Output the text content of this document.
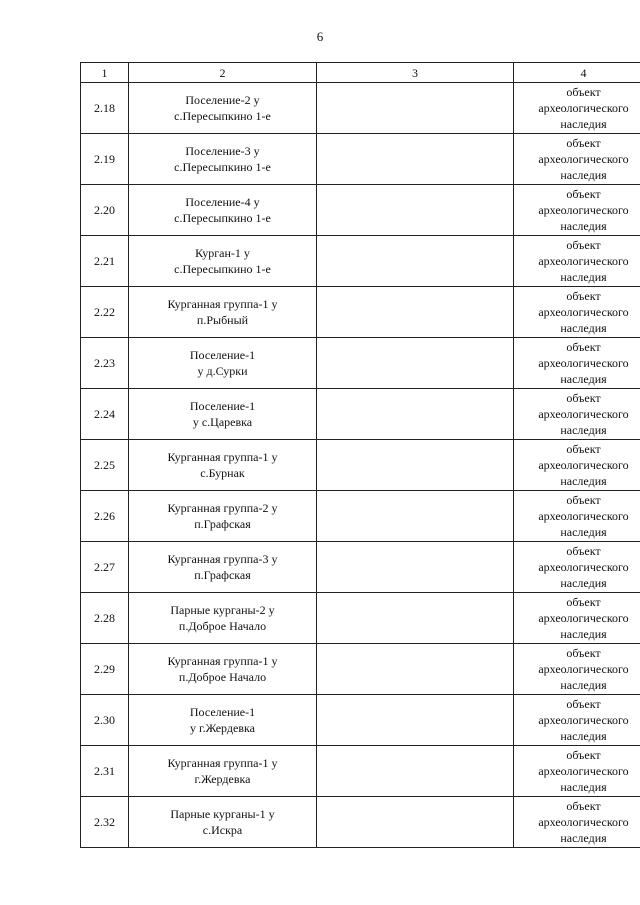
6
1	2	3	4
2.18	Поселение-2 у
с.Пересыпкино 1-е		объект
археологического
наследия
2.19	Поселение-3 у
с.Пересыпкино 1-е		объект
археологического
наследия
2.20	Поселение-4 у
с.Пересыпкино 1-е		объект
археологического
наследия
2.21	Курган-1 у
с.Пересыпкино 1-е		объект
археологического
наследия
2.22	Курганная группа-1 у
п.Рыбный		объект
археологического
наследия
2.23	Поселение-1
у д.Сурки		объект
археологического
наследия
2.24	Поселение-1
у с.Царевка		объект
археологического
наследия
2.25	Курганная группа-1 у
с.Бурнак		объект
археологического
наследия
2.26	Курганная группа-2 у
п.Графская		объект
археологического
наследия
2.27	Курганная группа-3 у
п.Графская		объект
археологического
наследия
2.28	Парные курганы-2 у
п.Доброе Начало		объект
археологического
наследия
2.29	Курганная группа-1 у
п.Доброе Начало		объект
археологического
наследия
2.30	Поселение-1
у г.Жердевка		объект
археологического
наследия
2.31	Курганная группа-1 у
г.Жердевка		объект
археологического
наследия
2.32	Парные курганы-1 у
с.Искра		объект
археологического
наследия
